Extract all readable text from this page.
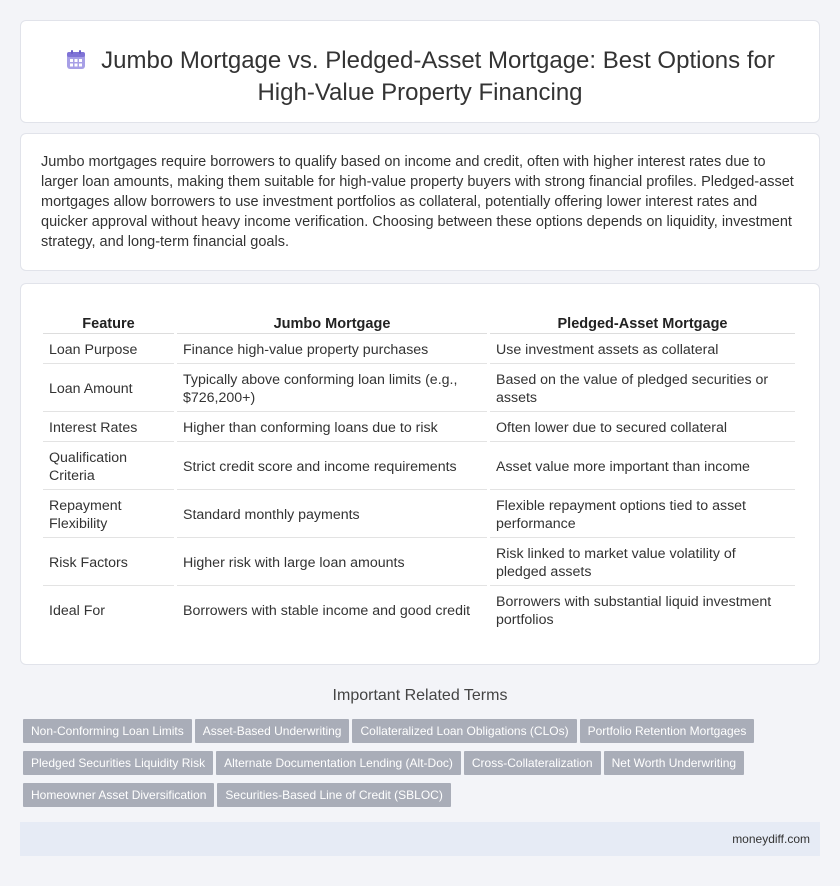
Jumbo Mortgage vs. Pledged-Asset Mortgage: Best Options for
High-Value Property Financing

Jumbo mortgages require borrowers to qualify based on income and credit, often with higher interest rates due to larger loan amounts, making them suitable for high-value property buyers with strong financial profiles. Pledged-asset mortgages allow borrowers to use investment portfolios as collateral, potentially offering lower interest rates and quicker approval without heavy income verification. Choosing between these options depends on liquidity, investment strategy, and long-term financial goals.

Feature	Jumbo Mortgage	Pledged-Asset Mortgage
Loan Purpose	Finance high-value property purchases	Use investment assets as collateral
Loan Amount	Typically above conforming loan limits (e.g., $726,200+)	Based on the value of pledged securities or assets
Interest Rates	Higher than conforming loans due to risk	Often lower due to secured collateral
Qualification Criteria	Strict credit score and income requirements	Asset value more important than income
Repayment Flexibility	Standard monthly payments	Flexible repayment options tied to asset performance
Risk Factors	Higher risk with large loan amounts	Risk linked to market value volatility of pledged assets
Ideal For	Borrowers with stable income and good credit	Borrowers with substantial liquid investment portfolios
Important Related Terms
Non-Conforming Loan Limits Asset-Based Underwriting Collateralized Loan Obligations (CLOs) Portfolio Retention Mortgages
Pledged Securities Liquidity Risk Alternate Documentation Lending (Alt-Doc) Cross-Collateralization Net Worth Underwriting
Homeowner Asset Diversification Securities-Based Line of Credit (SBLOC)
moneydiff.com
